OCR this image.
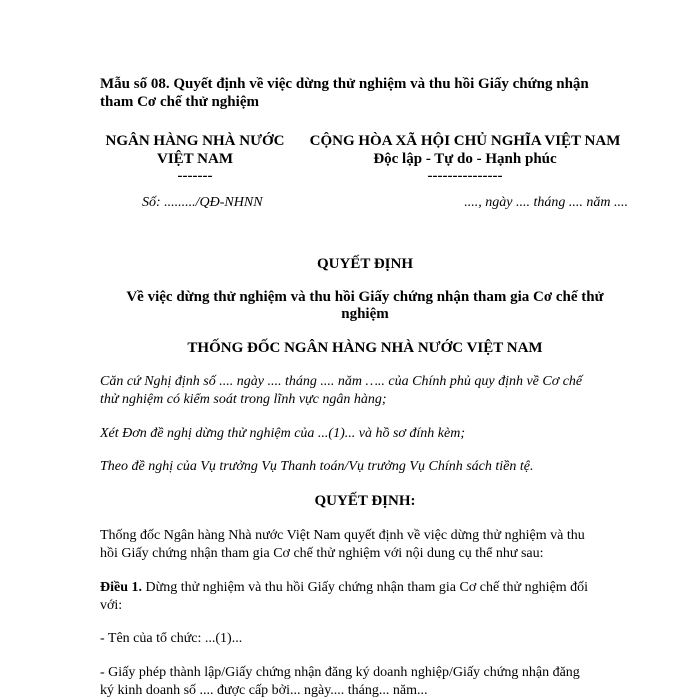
Mẫu số 08. Quyết định về việc dừng thử nghiệm và thu hồi Giấy chứng nhận
tham Cơ chế thử nghiệm
NGÂN HÀNG NHÀ NƯỚC
VIỆT NAM
-------
CỘNG HÒA XÃ HỘI CHỦ NGHĨA VIỆT NAM
Độc lập - Tự do - Hạnh phúc
---------------
Số: ........./QĐ-NHNN	...., ngày .... tháng .... năm ....
QUYẾT ĐỊNH
Về việc dừng thử nghiệm và thu hồi Giấy chứng nhận tham gia Cơ chế thử
nghiệm
THỐNG ĐỐC NGÂN HÀNG NHÀ NƯỚC VIỆT NAM
Căn cứ Nghị định số .... ngày .... tháng .... năm ….. của Chính phủ quy định về Cơ chế
thử nghiệm có kiểm soát trong lĩnh vực ngân hàng;
Xét Đơn đề nghị dừng thử nghiệm của ...(1)... và hồ sơ đính kèm;
Theo đề nghị của Vụ trưởng Vụ Thanh toán/Vụ trưởng Vụ Chính sách tiền tệ.
QUYẾT ĐỊNH:
Thống đốc Ngân hàng Nhà nước Việt Nam quyết định về việc dừng thử nghiệm và thu
hồi Giấy chứng nhận tham gia Cơ chế thử nghiệm với nội dung cụ thể như sau:
Điều 1. Dừng thử nghiệm và thu hồi Giấy chứng nhận tham gia Cơ chế thử nghiệm đối
với:
- Tên của tổ chức: ...(1)...
- Giấy phép thành lập/Giấy chứng nhận đăng ký doanh nghiệp/Giấy chứng nhận đăng
ký kinh doanh số .... được cấp bởi... ngày.... tháng... năm...
